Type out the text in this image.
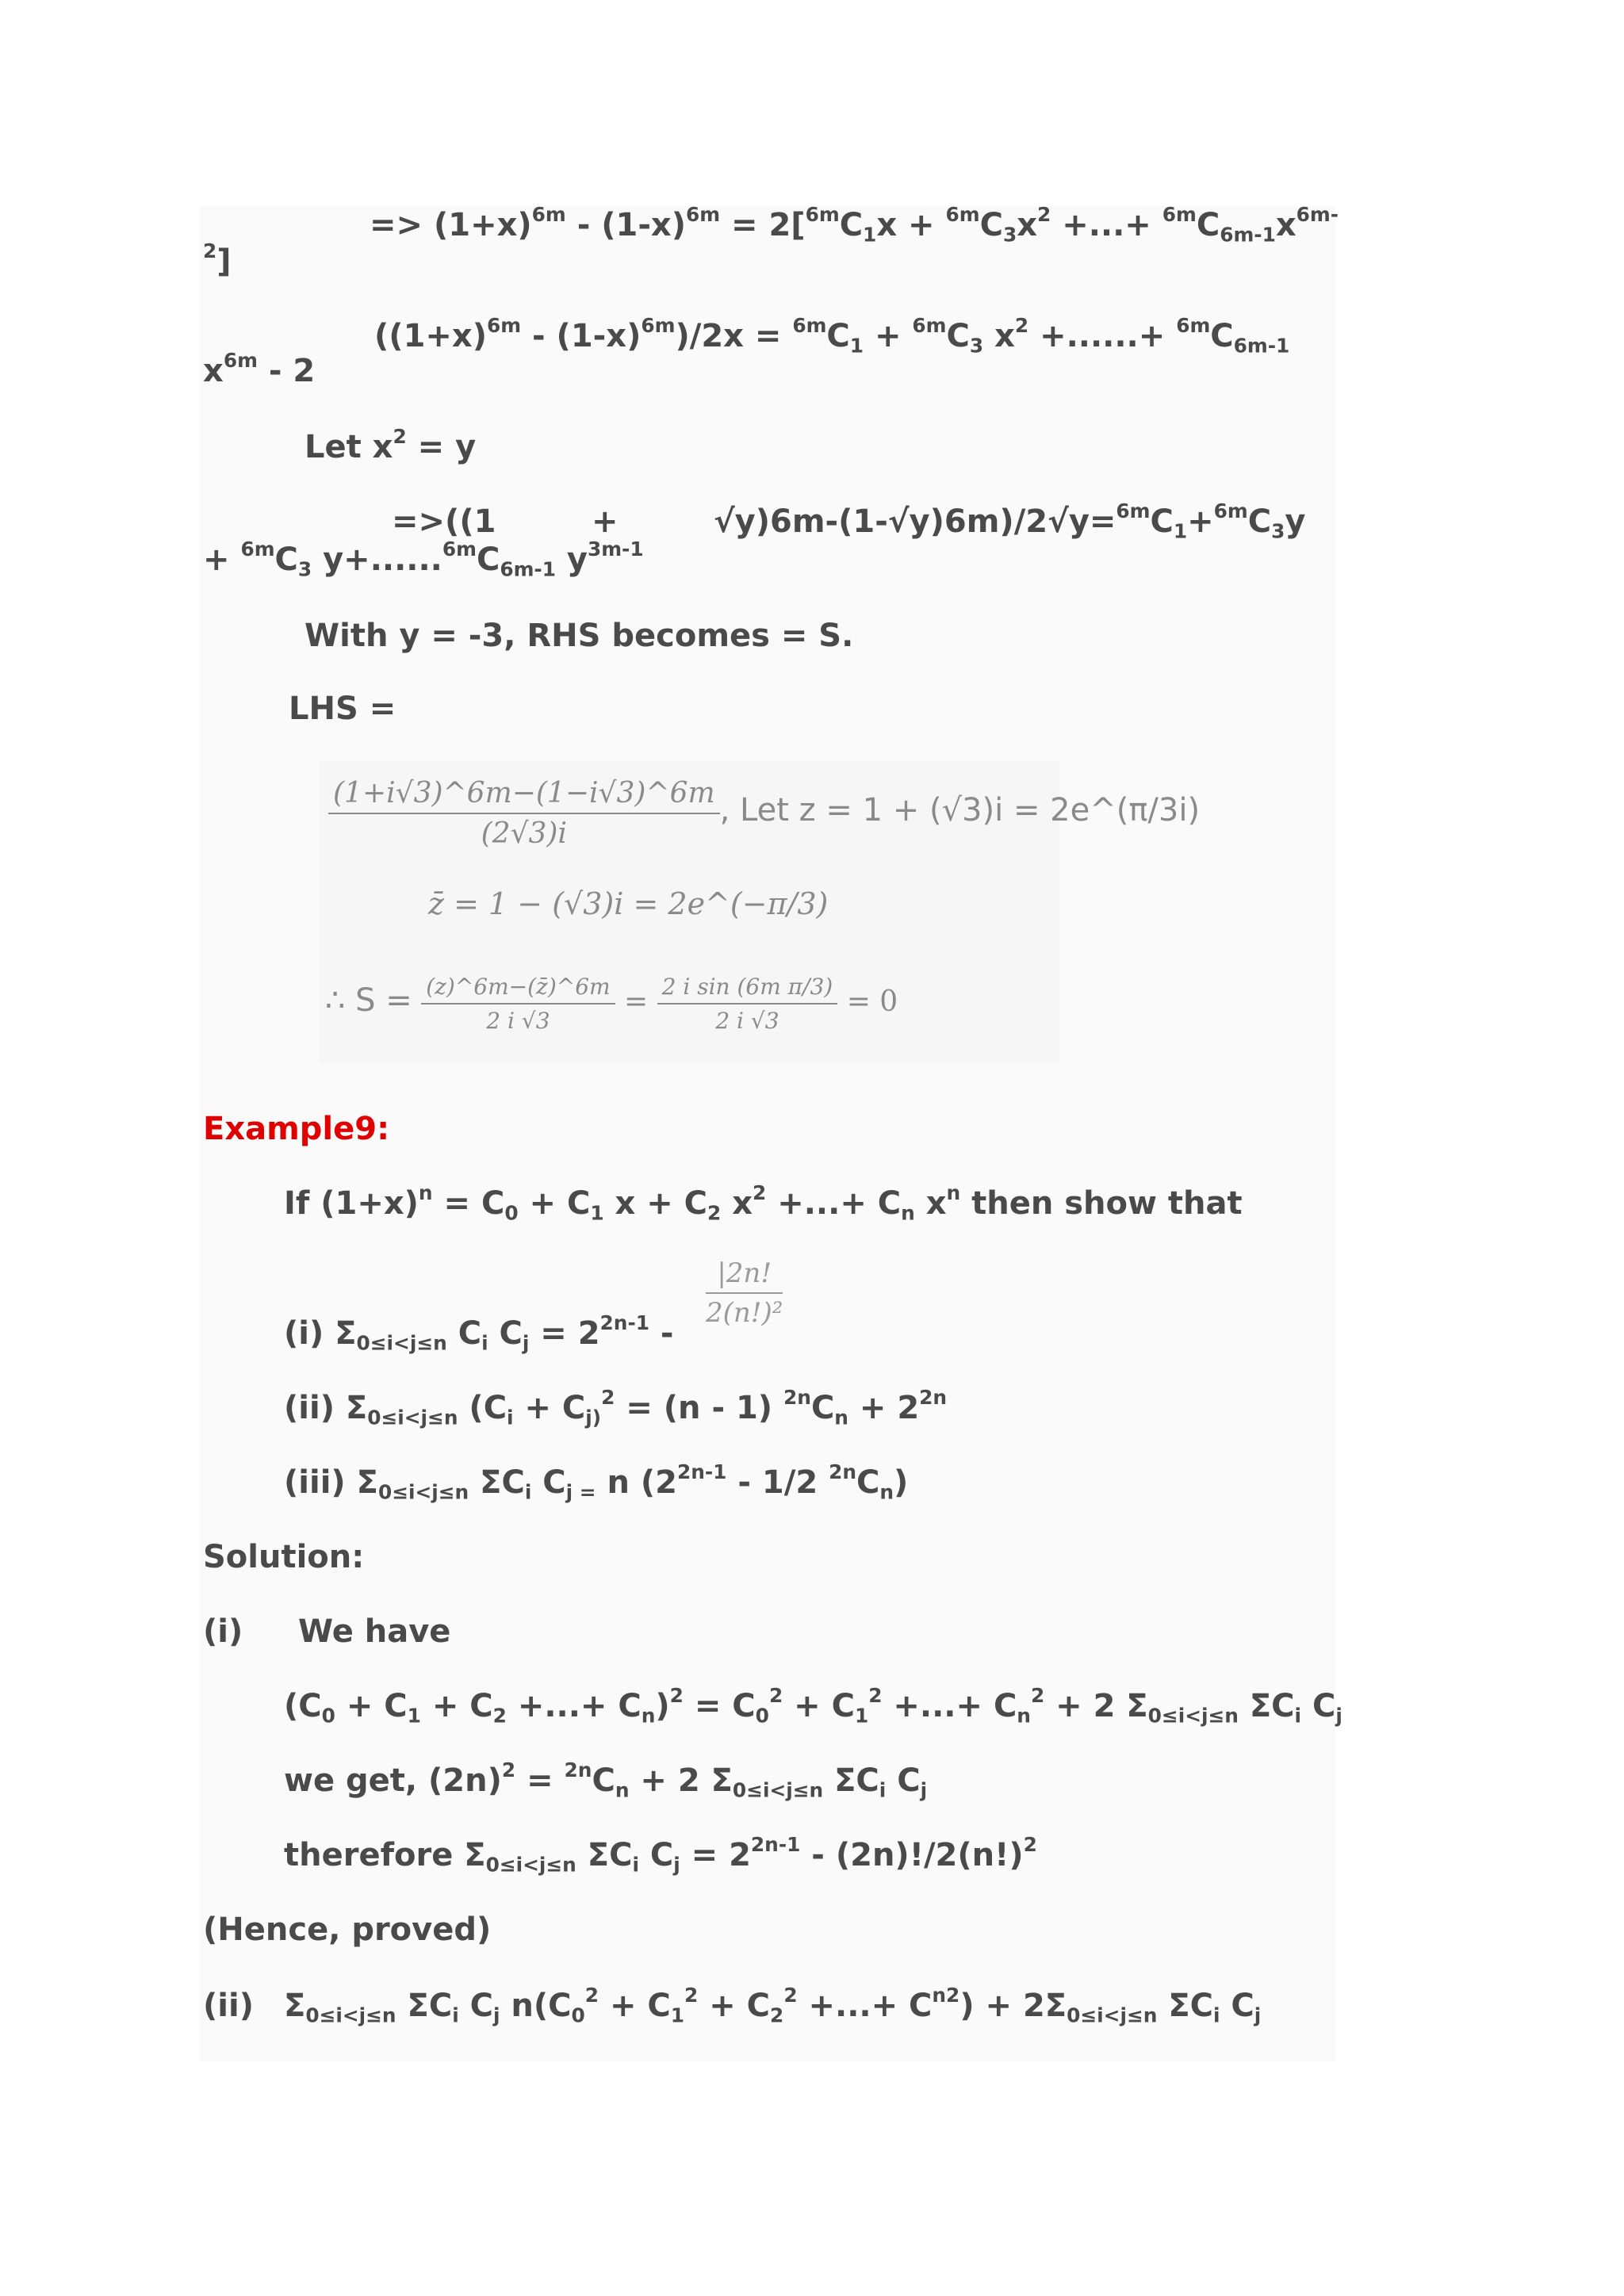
=> $(1+x)^{6m} - (1-x)^{6m} = 2[^{6m}C_1x + ^{6m}C_3x^2$ +...+ $^{6m}C_{6m-1}x^{6m-}$
$^2$]
$((1+x)^{6m} - (1-x)^{6m})/2x = ^{6m}C_1 + ^{6m}C_3$ $x^2$ +......+ $^{6m}C_{6m-1}$
$x^{6m} - 2$
Let $x^2 = y$
=>((1	+	$√y)6m-(1-√y)6m)/2√y=^{6m}C_1+^{6m}C_3y$
+ $^{6m}C_3$ $y+......^{6m}C_{6m-1}$ $y^{3m-1}$
With y = -3, RHS becomes = S.
LHS =
$\frac{(1+i√3)\^{}6m-(1-i√3)\^{}6m}{(2√3)i}$ , Let z = 1 + (√3)i = 2e^(π/3i)
z̄ = 1 − (√3)i = 2e^(−π/3)
∴ $S = \frac{(z)\^{}6m-(z̄)\^{}6m}{2 i √3} = \frac{\text{2 i sin (6m π/3)}}{2 i √3} = 0$
Example9:
If $(1+x)^n = C_0 + C_1$ $x + C_2$ $x^2$ +...+ $C_n$ $x^n$ then show that
$\frac{|2n!}{\text{2(n!)²}}$
(i) $\Sigma_{0\le i<j\le n}$ $C_i$ $C_j = 2^{2n-1}$ -
(ii) $\Sigma_{0\le i<j\le n}$ ($C_i + C_{j)}^2 = (n - 1) ^{2n}C_n + 2^{2n}$
(iii) $\Sigma_{0\le i<j\le n}$ $\Sigma C_i$ $C_{j =}$ n ($2^{2n-1} - 1/2$ $^{2n}C_n$)
Solution:
(i) We have
($C_0 + C_1 + C_2$ +...+ $C_n)^2 = C_0^2 + C_1^2$ +...+ $C_n^2 + 2$ $\Sigma_{0\le i<j\le n}$ $\Sigma C_i$ $C_j$
we get, $(2n)^2 = ^{2n}C_n + 2$ $\Sigma_{0\le i<j\le n}$ $\Sigma C_i$ $C_j$
therefore $\Sigma_{0\le i<j\le n}$ $\Sigma C_i$ $C_j = 2^{2n-1} - (2n)!/2(n!)^2$
(Hence, proved)
(ii) $\Sigma_{0\le i<j\le n}$ $\Sigma C_i$ $C_j$ $n(C_0^2 + C_1^2 + C_2^2$ +...+ $C^{n2}) + 2\Sigma_{0\le i<j\le n}$ $\Sigma C_i$ $C_j$
